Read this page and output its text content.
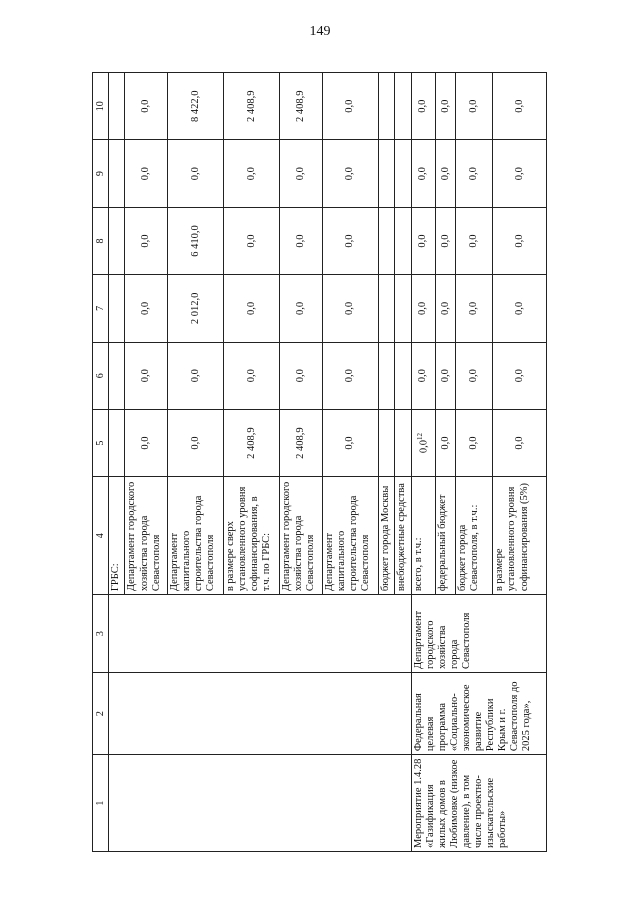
149
1	2	3	4	5	6	7	8	9	10
			ГРБС:						
			Департамент городского хозяйства города Севастополя	0,0	0,0	0,0	0,0	0,0	0,0
			Департамент капитального строительства города Севастополя	0,0	0,0	2 012,0	6 410,0	0,0	8 422,0
			в размере сверх установленного уровня софинансирования, в т.ч. по ГРБС:	2 408,9	0,0	0,0	0,0	0,0	2 408,9
			Департамент городского хозяйства города Севастополя	2 408,9	0,0	0,0	0,0	0,0	2 408,9
			Департамент капитального строительства города Севастополя	0,0	0,0	0,0	0,0	0,0	0,0
			бюджет города Москвы						
			внебюджетные средства						
Мероприятие 1.4.28 «Газификация жилых домов в Любимовке (низкое давление), в том числе проектно-изыскательские работы»	Федеральная целевая программа «Социально-экономическое развитие Республики Крым и г. Севастополя до 2025 года»,	Департамент городского хозяйства города Севастополя	всего, в т.ч.:	$0,0^{12}$	0,0	0,0	0,0	0,0	0,0
			федеральный бюджет	0,0	0,0	0,0	0,0	0,0	0,0
			бюджет города Севастополя, в т.ч.:	0,0	0,0	0,0	0,0	0,0	0,0
			в размере установленного уровня софинансирования (5%)	0,0	0,0	0,0	0,0	0,0	0,0
